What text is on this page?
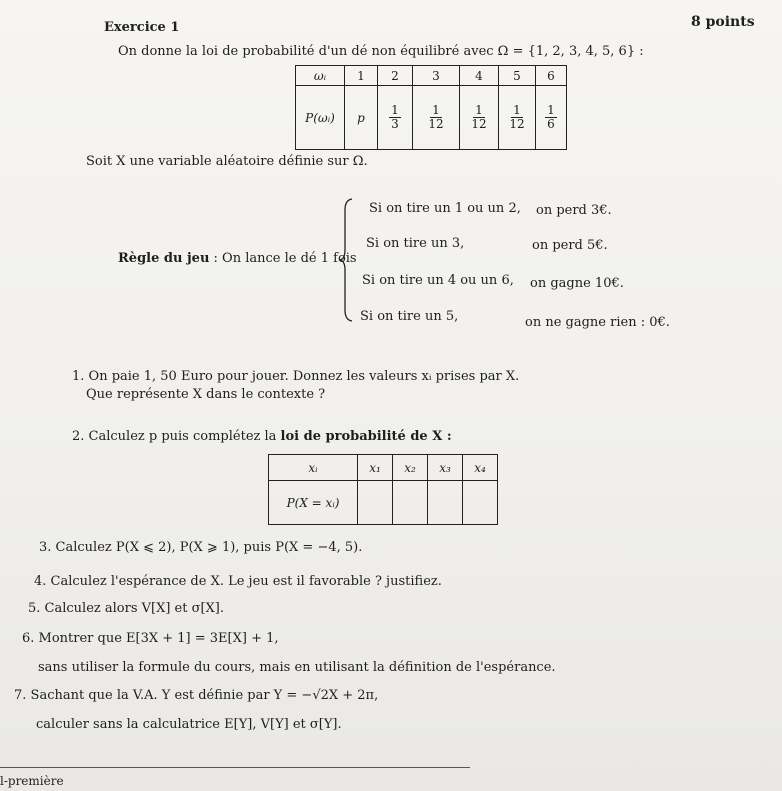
Exercice 1	8 points
On donne la loi de probabilité d'un dé non équilibré avec Ω = {1, 2, 3, 4, 5, 6} :
ωᵢ	1	2	3	4	5	6
P(ωᵢ)	p	$\frac{1}{3}$	$\frac{1}{12}$	$\frac{1}{12}$	$\frac{1}{12}$	$\frac{1}{6}$
Soit X une variable aléatoire définie sur Ω.
Règle du jeu : On lance le dé 1 fois
Si on tire un 1 ou un 2, on perd 3€.
Si on tire un 3,	on perd 5€.
Si on tire un 4 ou un 6, on gagne 10€.
Si on tire un 5,	on ne gagne rien : 0€.
1. On paie 1, 50 Euro pour jouer. Donnez les valeurs xᵢ prises par X.
Que représente X dans le contexte ?
2. Calculez p puis complétez la loi de probabilité de X :
xᵢ	x₁	x₂	x₃	x₄
P(X = xᵢ)				
3. Calculez P(X ⩽ 2), P(X ⩾ 1), puis P(X = −4, 5).
4. Calculez l'espérance de X. Le jeu est il favorable ? justifiez.
5. Calculez alors V[X] et σ[X].
6. Montrer que E[3X + 1] = 3E[X] + 1,
sans utiliser la formule du cours, mais en utilisant la définition de l'espérance.
7. Sachant que la V.A. Y est définie par Y = −√2X + 2π,
calculer sans la calculatrice E[Y], V[Y] et σ[Y].
l-première
